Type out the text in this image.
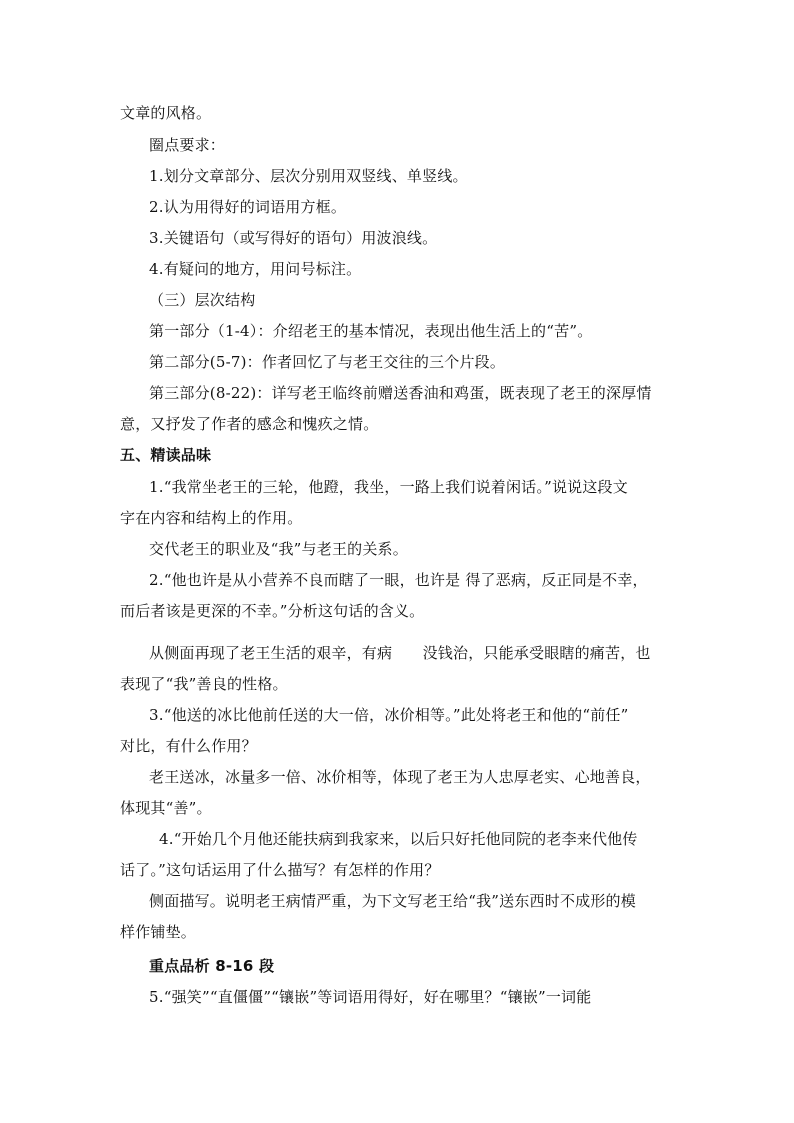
文章的风格。
圈点要求：
1.划分文章部分、层次分别用双竖线、单竖线。
2.认为用得好的词语用方框。
3.关键语句（或写得好的语句）用波浪线。
4.有疑问的地方，用问号标注。
（三）层次结构
第一部分（1-4）：介绍老王的基本情况，表现出他生活上的“苦”。
第二部分(5-7)：作者回忆了与老王交往的三个片段。
第三部分(8-22)：详写老王临终前赠送香油和鸡蛋，既表现了老王的深厚情
意，又抒发了作者的感念和愧疚之情。
五、精读品味
1.“我常坐老王的三轮，他蹬，我坐，一路上我们说着闲话。”说说这段文
字在内容和结构上的作用。
交代老王的职业及“我”与老王的关系。
2.“他也许是从小营养不良而瞎了一眼，也许是 得了恶病，反正同是不幸，
而后者该是更深的不幸。”分析这句话的含义。
从侧面再现了老王生活的艰辛，有病　　没钱治，只能承受眼瞎的痛苦，也
表现了“我”善良的性格。
3.“他送的冰比他前任送的大一倍，冰价相等。”此处将老王和他的“前任”
对比，有什么作用？
老王送冰，冰量多一倍、冰价相等，体现了老王为人忠厚老实、心地善良，
体现其“善”。
4.“开始几个月他还能扶病到我家来，以后只好托他同院的老李来代他传
话了。”这句话运用了什么描写？有怎样的作用？
侧面描写。说明老王病情严重，为下文写老王给“我”送东西时不成形的模
样作铺垫。
重点品析 8-16 段
5.“强笑”“直僵僵”“镶嵌”等词语用得好，好在哪里？“镶嵌”一词能
